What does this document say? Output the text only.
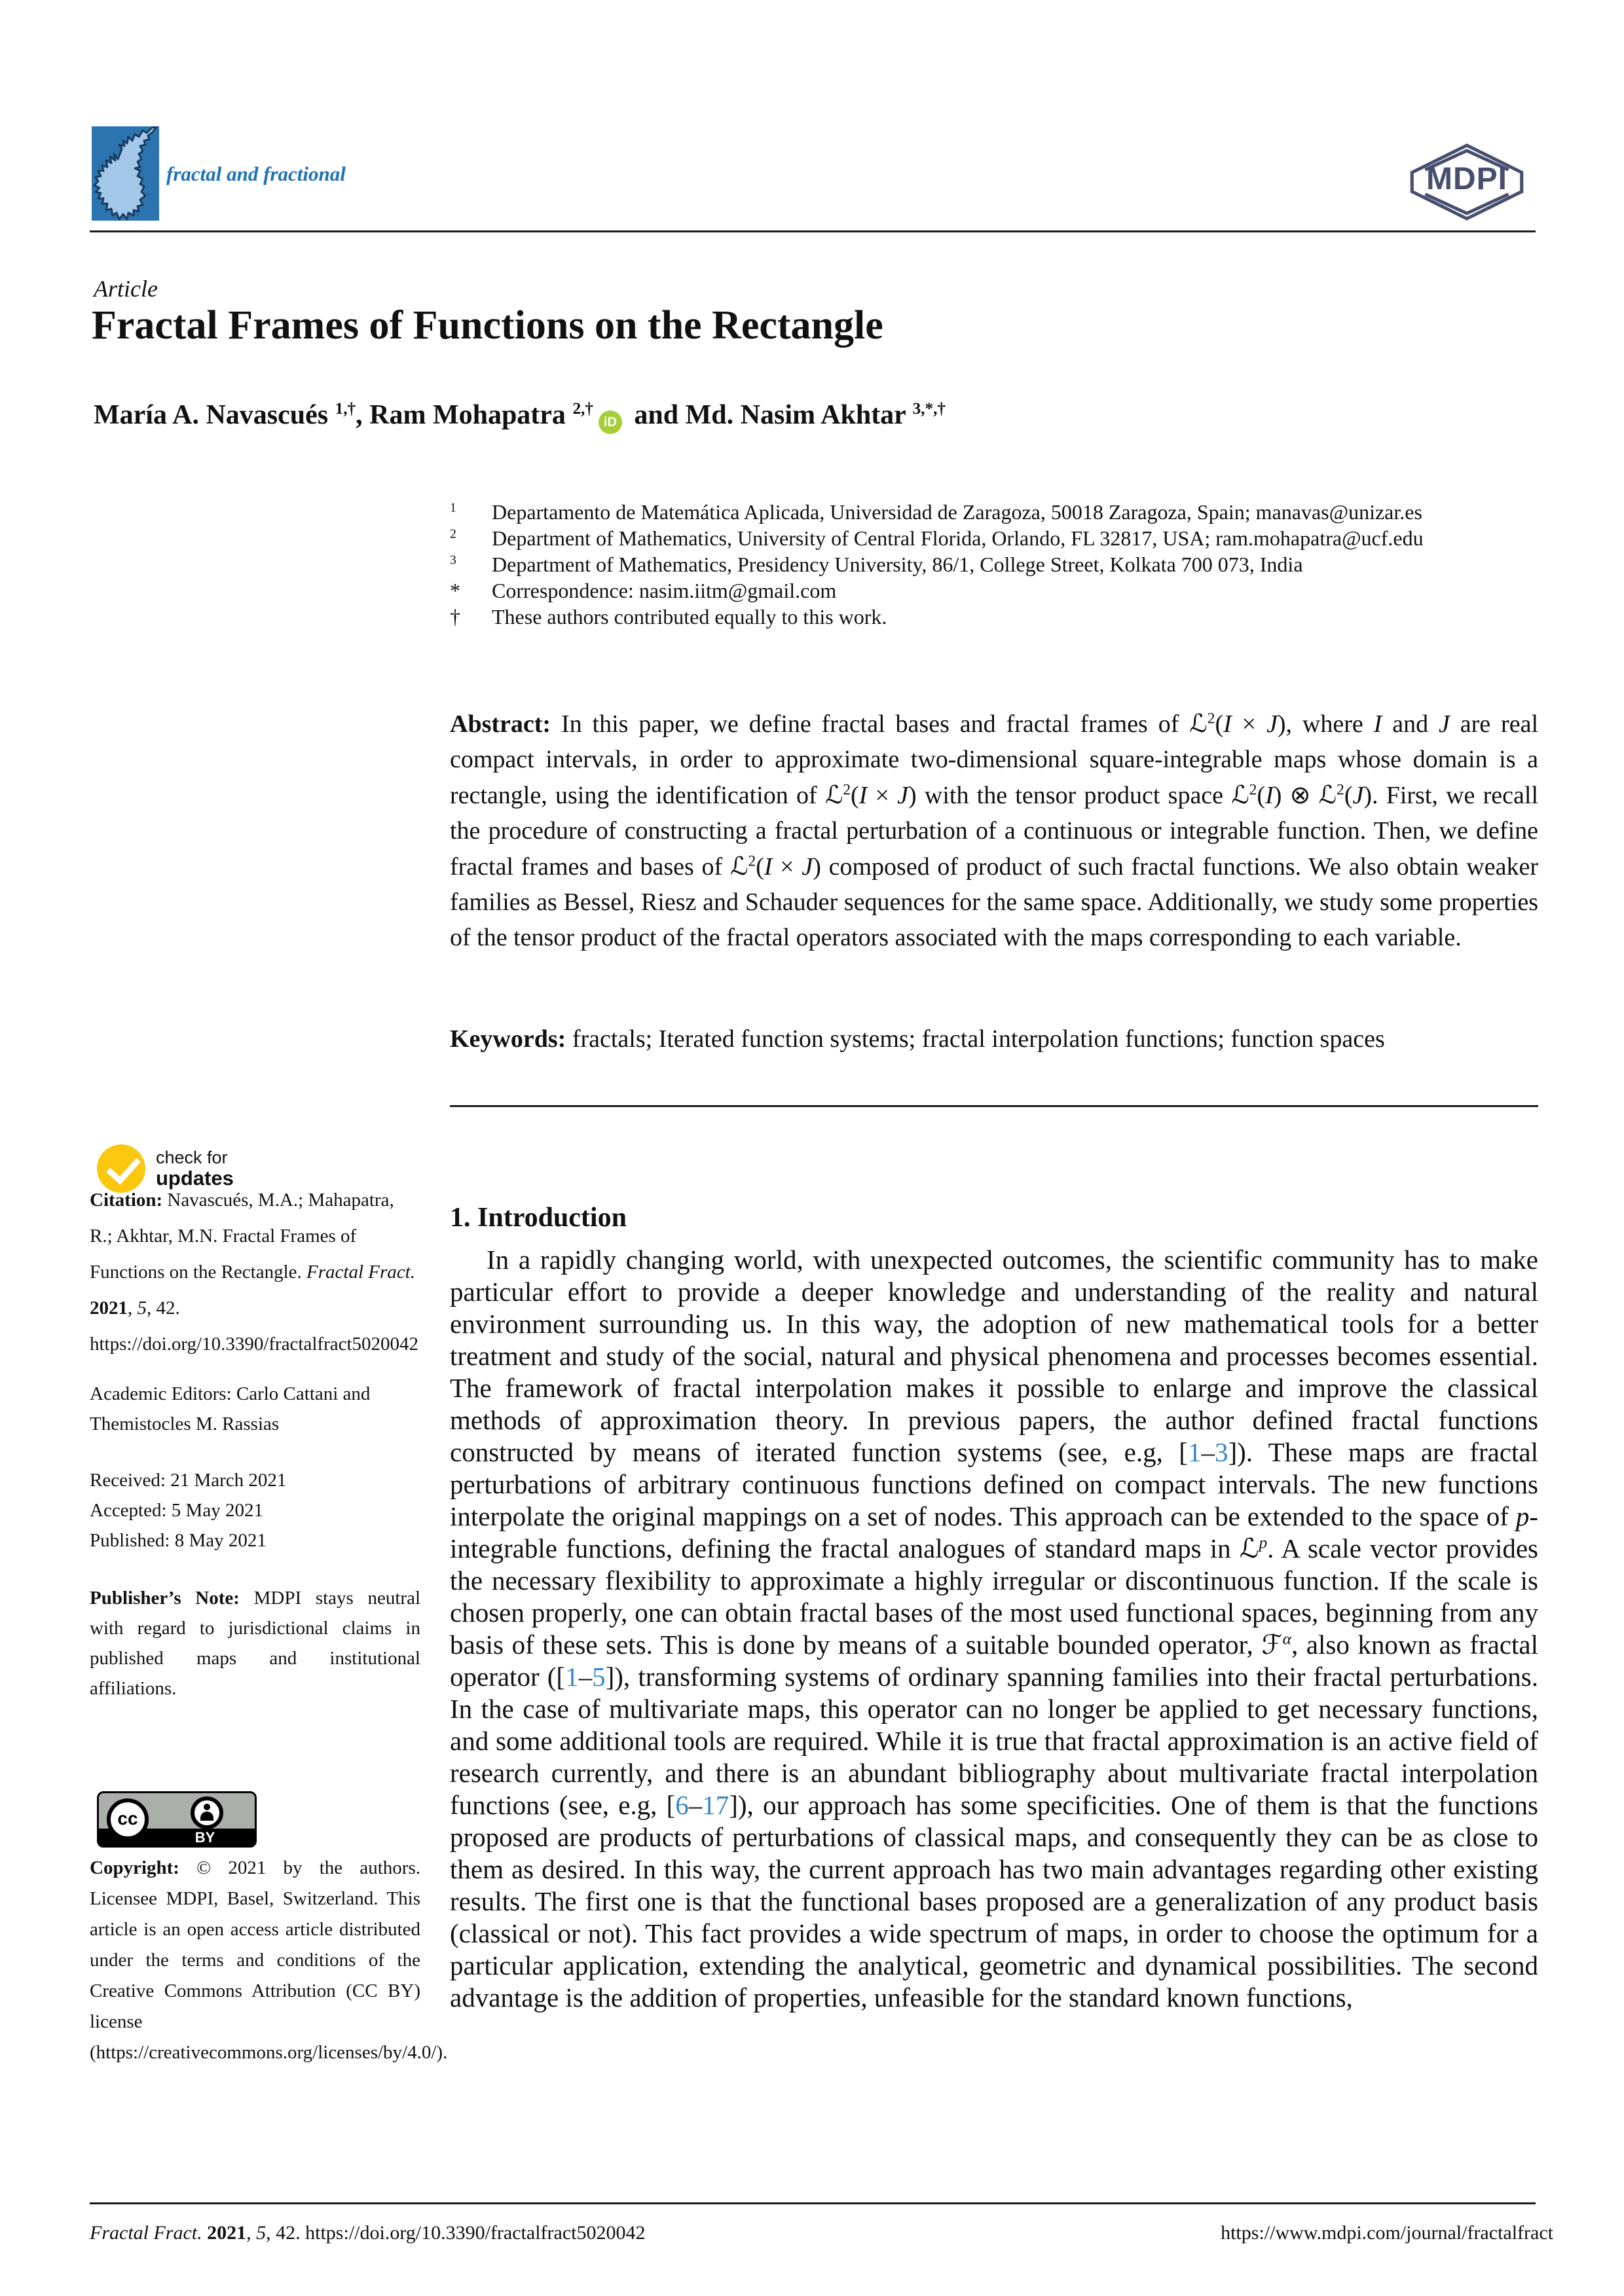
fractal and fractional	MDPI
Article
Fractal Frames of Functions on the Rectangle
María A. Navascués $^{1,\dagger}$, Ram Mohapatra $^{2,\dagger}$iD and Md. Nasim Akhtar $^{3,*,\dagger}$
$^1$ Departamento de Matemática Aplicada, Universidad de Zaragoza, 50018 Zaragoza, Spain; manavas@unizar.es
$^2$ Department of Mathematics, University of Central Florida, Orlando, FL 32817, USA; ram.mohapatra@ucf.edu
$^3$ Department of Mathematics, Presidency University, 86/1, College Street, Kolkata 700 073, India
* Correspondence: nasim.iitm@gmail.com
† These authors contributed equally to this work.
Abstract: In this paper, we define fractal bases and fractal frames of ℒ$^2$(I × J), where I and J are real compact intervals, in order to approximate two-dimensional square-integrable maps whose domain is a rectangle, using the identification of ℒ$^2$(I × J) with the tensor product space ℒ$^2$(I) ⊗ ℒ$^2$(J). First, we recall the procedure of constructing a fractal perturbation of a continuous or integrable function. Then, we define fractal frames and bases of ℒ$^2$(I × J) composed of product of such fractal functions. We also obtain weaker families as Bessel, Riesz and Schauder sequences for the same space. Additionally, we study some properties of the tensor product of the fractal operators associated with the maps corresponding to each variable.
Keywords: fractals; Iterated function systems; fractal interpolation functions; function spaces
1. Introduction
In a rapidly changing world, with unexpected outcomes, the scientific community has to make particular effort to provide a deeper knowledge and understanding of the reality and natural environment surrounding us. In this way, the adoption of new mathematical tools for a better treatment and study of the social, natural and physical phenomena and processes becomes essential. The framework of fractal interpolation makes it possible to enlarge and improve the classical methods of approximation theory. In previous papers, the author defined fractal functions constructed by means of iterated function systems (see, e.g, [1–3]). These maps are fractal perturbations of arbitrary continuous functions defined on compact intervals. The new functions interpolate the original mappings on a set of nodes. This approach can be extended to the space of p-integrable functions, defining the fractal analogues of standard maps in ℒ$^p$. A scale vector provides the necessary flexibility to approximate a highly irregular or discontinuous function. If the scale is chosen properly, one can obtain fractal bases of the most used functional spaces, beginning from any basis of these sets. This is done by means of a suitable bounded operator, ℱ$^\alpha$, also known as fractal operator ([1–5]), transforming systems of ordinary spanning families into their fractal perturbations. In the case of multivariate maps, this operator can no longer be applied to get necessary functions, and some additional tools are required. While it is true that fractal approximation is an active field of research currently, and there is an abundant bibliography about multivariate fractal interpolation functions (see, e.g, [6–17]), our approach has some specificities. One of them is that the functions proposed are products of perturbations of classical maps, and consequently they can be as close to them as desired. In this way, the current approach has two main advantages regarding other existing results. The first one is that the functional bases proposed are a generalization of any product basis (classical or not). This fact provides a wide spectrum of maps, in order to choose the optimum for a particular application, extending the analytical, geometric and dynamical possibilities. The second advantage is the addition of properties, unfeasible for the standard known functions,
check for
updates
Citation: Navascués, M.A.; Mahapatra, R.; Akhtar, M.N. Fractal Frames of Functions on the Rectangle. Fractal Fract. 2021, 5, 42. https://doi.org/10.3390/fractalfract5020042
Academic Editors: Carlo Cattani and Themistocles M. Rassias
Received: 21 March 2021
Accepted: 5 May 2021
Published: 8 May 2021
Publisher’s Note: MDPI stays neutral with regard to jurisdictional claims in published maps and institutional affiliations.
cc
BY
Copyright: © 2021 by the authors. Licensee MDPI, Basel, Switzerland. This article is an open access article distributed under the terms and conditions of the Creative Commons Attribution (CC BY) license (https://creativecommons.org/licenses/by/4.0/).
Fractal Fract. 2021, 5, 42. https://doi.org/10.3390/fractalfract5020042	https://www.mdpi.com/journal/fractalfract
